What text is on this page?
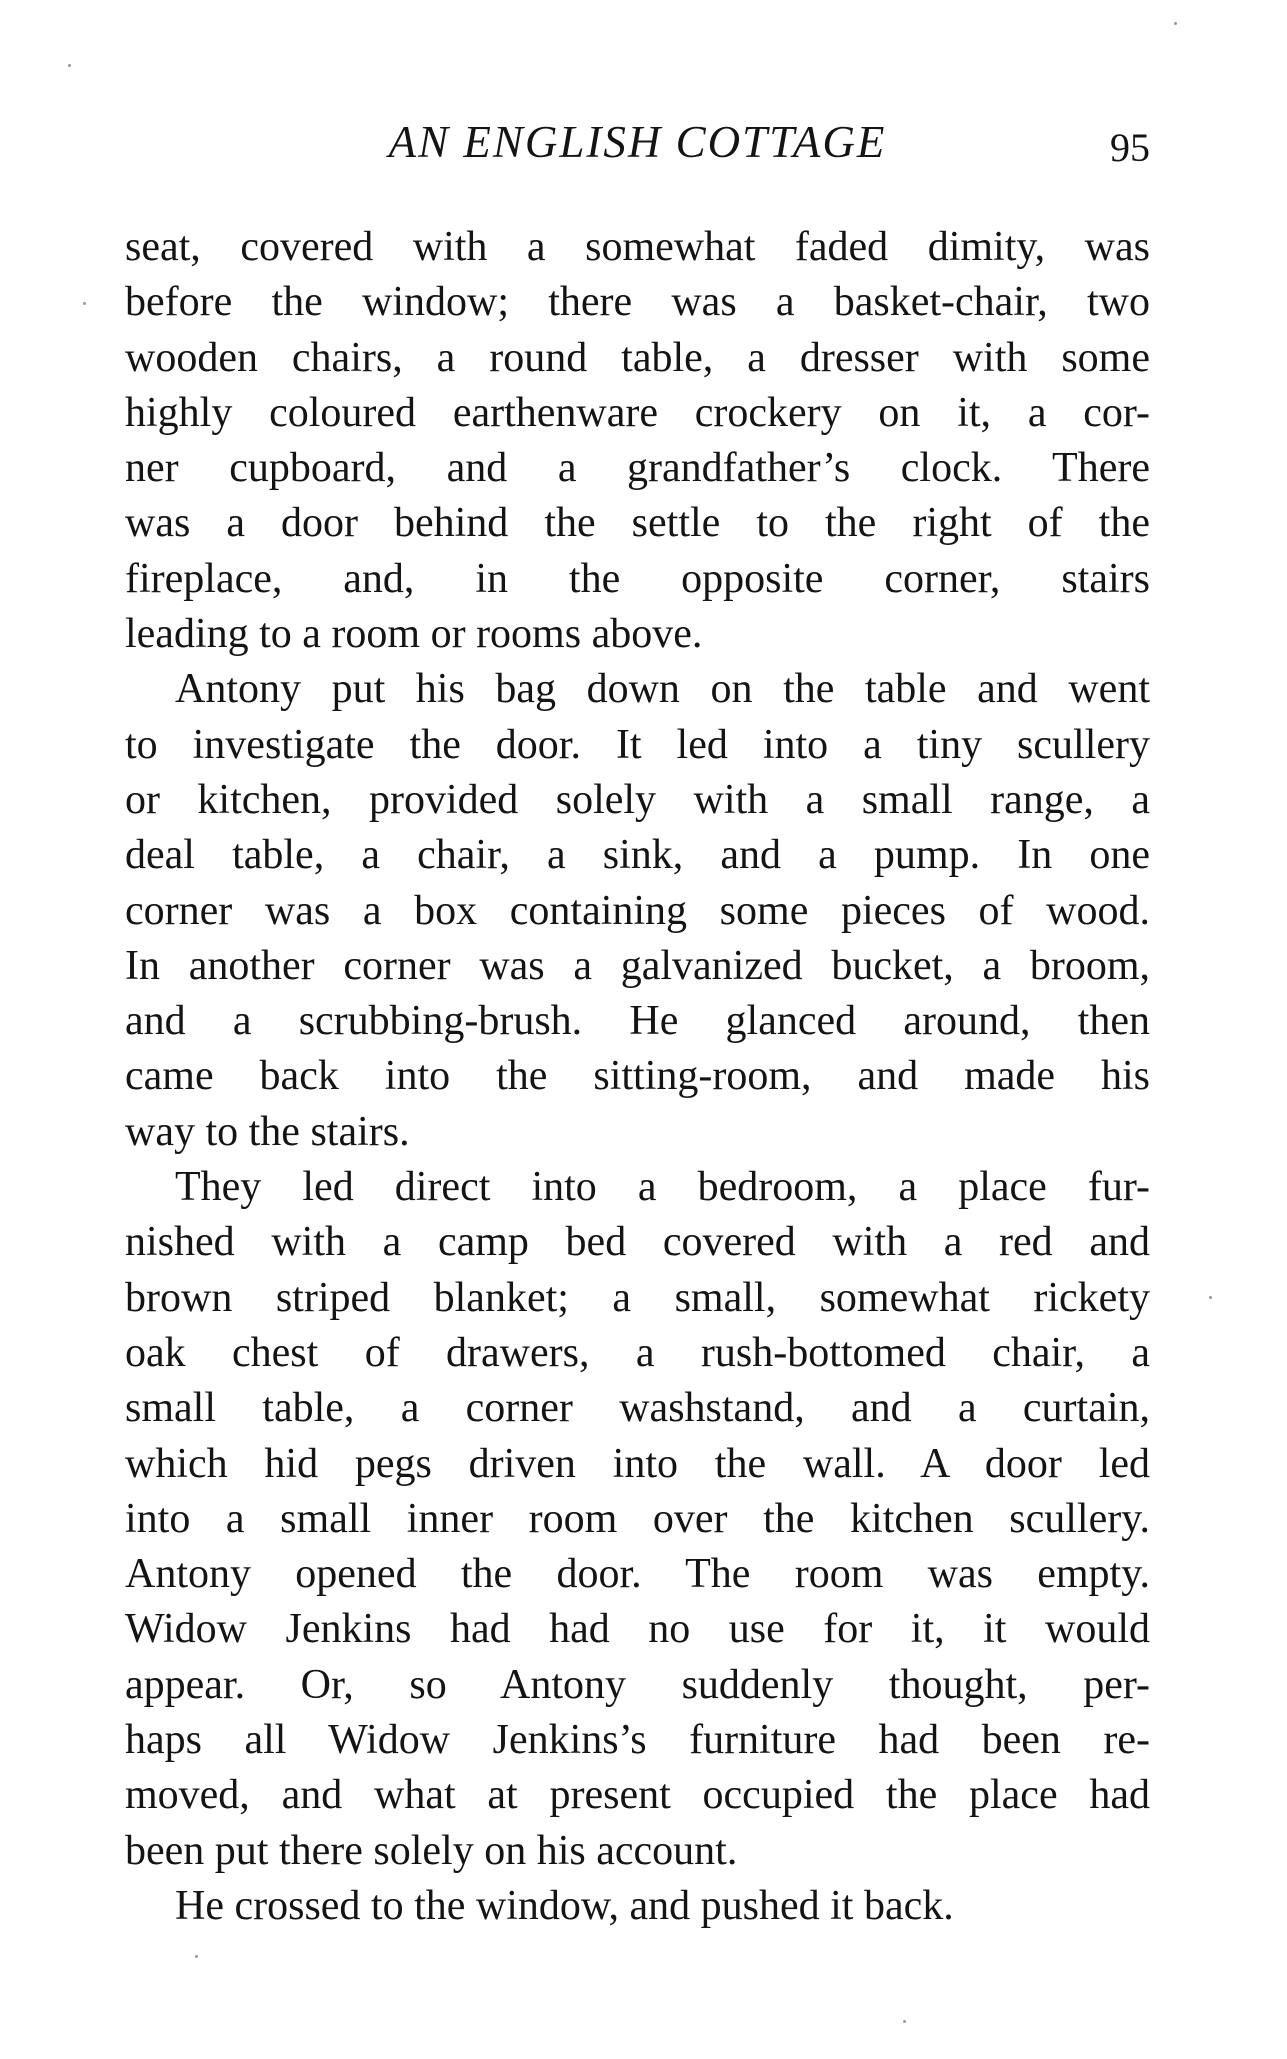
AN ENGLISH COTTAGE	95

seat, covered with a somewhat faded dimity, was
before the window; there was a basket-chair, two
wooden chairs, a round table, a dresser with some
highly coloured earthenware crockery on it, a cor-
ner cupboard, and a grandfather’s clock. There
was a door behind the settle to the right of the
fireplace, and, in the opposite corner, stairs
leading to a room or rooms above.

Antony put his bag down on the table and went
to investigate the door. It led into a tiny scullery
or kitchen, provided solely with a small range, a
deal table, a chair, a sink, and a pump. In one
corner was a box containing some pieces of wood.
In another corner was a galvanized bucket, a broom,
and a scrubbing-brush. He glanced around, then
came back into the sitting-room, and made his
way to the stairs.

They led direct into a bedroom, a place fur-
nished with a camp bed covered with a red and
brown striped blanket; a small, somewhat rickety
oak chest of drawers, a rush-bottomed chair, a
small table, a corner washstand, and a curtain,
which hid pegs driven into the wall. A door led
into a small inner room over the kitchen scullery.
Antony opened the door. The room was empty.
Widow Jenkins had had no use for it, it would
appear. Or, so Antony suddenly thought, per-
haps all Widow Jenkins’s furniture had been re-
moved, and what at present occupied the place had
been put there solely on his account.

He crossed to the window, and pushed it back.
